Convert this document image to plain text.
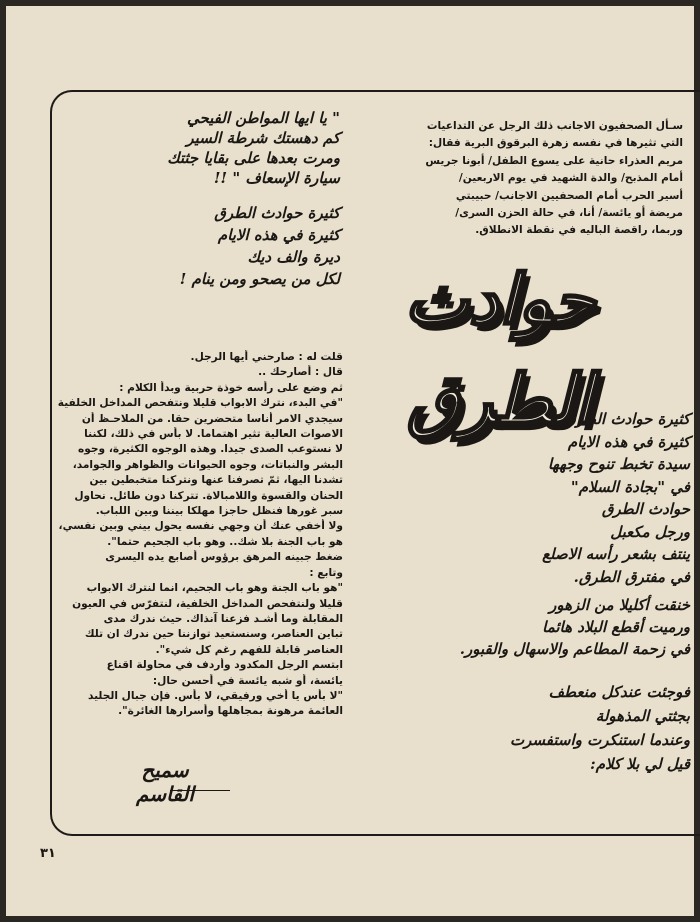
سـأل الصحفيون الاجانب ذلك الرجل عن التداعيات
التي تثيرها في نفسه زهرة البرقوق البرية فقال:
مريم العذراء حانية على يسوع الطفل/ أبونا جريس
أمام المذبح/ والدة الشهيد في يوم الاربعين/
أسير الحرب أمام الصحفيين الاجانب/ حبيبتي
مريضة أو يائسة/ أنا، في حالة الحزن السرى/
وربما، راقصة الباليه في نقطة الانطلاق.
" يا ايها المواطن الفيحي
كم دهستك شرطة السير
ومرت بعدها على بقايا جثتك
سيارة الإسعاف " !!
كثيرة حوادث الطرق
كثيرة في هذه الايام
ديرة والف ديك
لكل من يصحو ومن ينام ! حوادث الطرق
قلت له : صارحني أيها الرجل.
قال : أصارحك ..
ثم وضع على رأسه خوذة حربية وبدأ الكلام :
"في البدء، نترك الابواب قليلا ونتفحص المداخل الخلفية
سيجدي الامر أناسا متحضرين حقا. من الملاحـظ أن
الاصوات العالية تثير اهتماما. لا بأس في ذلك، لكننا
لا نستوعب الصدى جيدا. وهذه الوجوه الكثيرة، وجوه
البشر والنباتات، وجوه الحيوانات والظواهر والجوامد،
تشدنا اليها، ثمّ تصرفنا عنها ونتركنا متخبطين بين
الحنان والقسوة واللامبالاة. تتركنا دون طائل. نحاول
سبر غورها فنظل حاجزا مهلكا بيننا وبين اللباب.
ولا أخفي عنك أن وجهي نفسه يحول بيني وبين نفسي،
هو باب الجنة بلا شك.. وهو باب الجحيم حتما".
ضغط جبينه المرهق برؤوس أصابع يده اليسرى
وتابع :
"هو باب الجنة وهو باب الجحيم، انما لنترك الابواب
قليلا ولنتفحص المداخل الخلفية، لنتفرّس في العيون
المقابلة وما أشـد فزعنا آنذاك. حيث ندرك مدى
تباين العناصر، وسنستعيد توازننا حين ندرك ان تلك
العناصر قابلة للفهم رغم كل شيء".
ابتسم الرجل المكدود وأردف في محاولة اقناع
يائسة، أو شبه يائسة في أحسن حال:
"لا بأس يا أخي ورفيقي، لا بأس. فإن جبال الجليد
العائمة مرهونة بمجاهلها وأسرارها الغائرة".
كثيرة حوادث الطرق
كثيرة في هذه الايام
سيدة تخبط تنوح وجهها
في "بجادة السلام"
حوادث الطرق
ورجل مكعبل
ينتف بشعر رأسه الاصلع
في مفترق الطرق.
خنقت أكليلا من الزهور
ورميت أقطع البلاد هائما
في زحمة المطاعم والاسهال والقبور.
فوجئت عندكل منعطف
بجثتي المذهولة
وعندما استنكرت واستفسرت
قيل لي بلا كلام:
سميح القاسم
٣١
